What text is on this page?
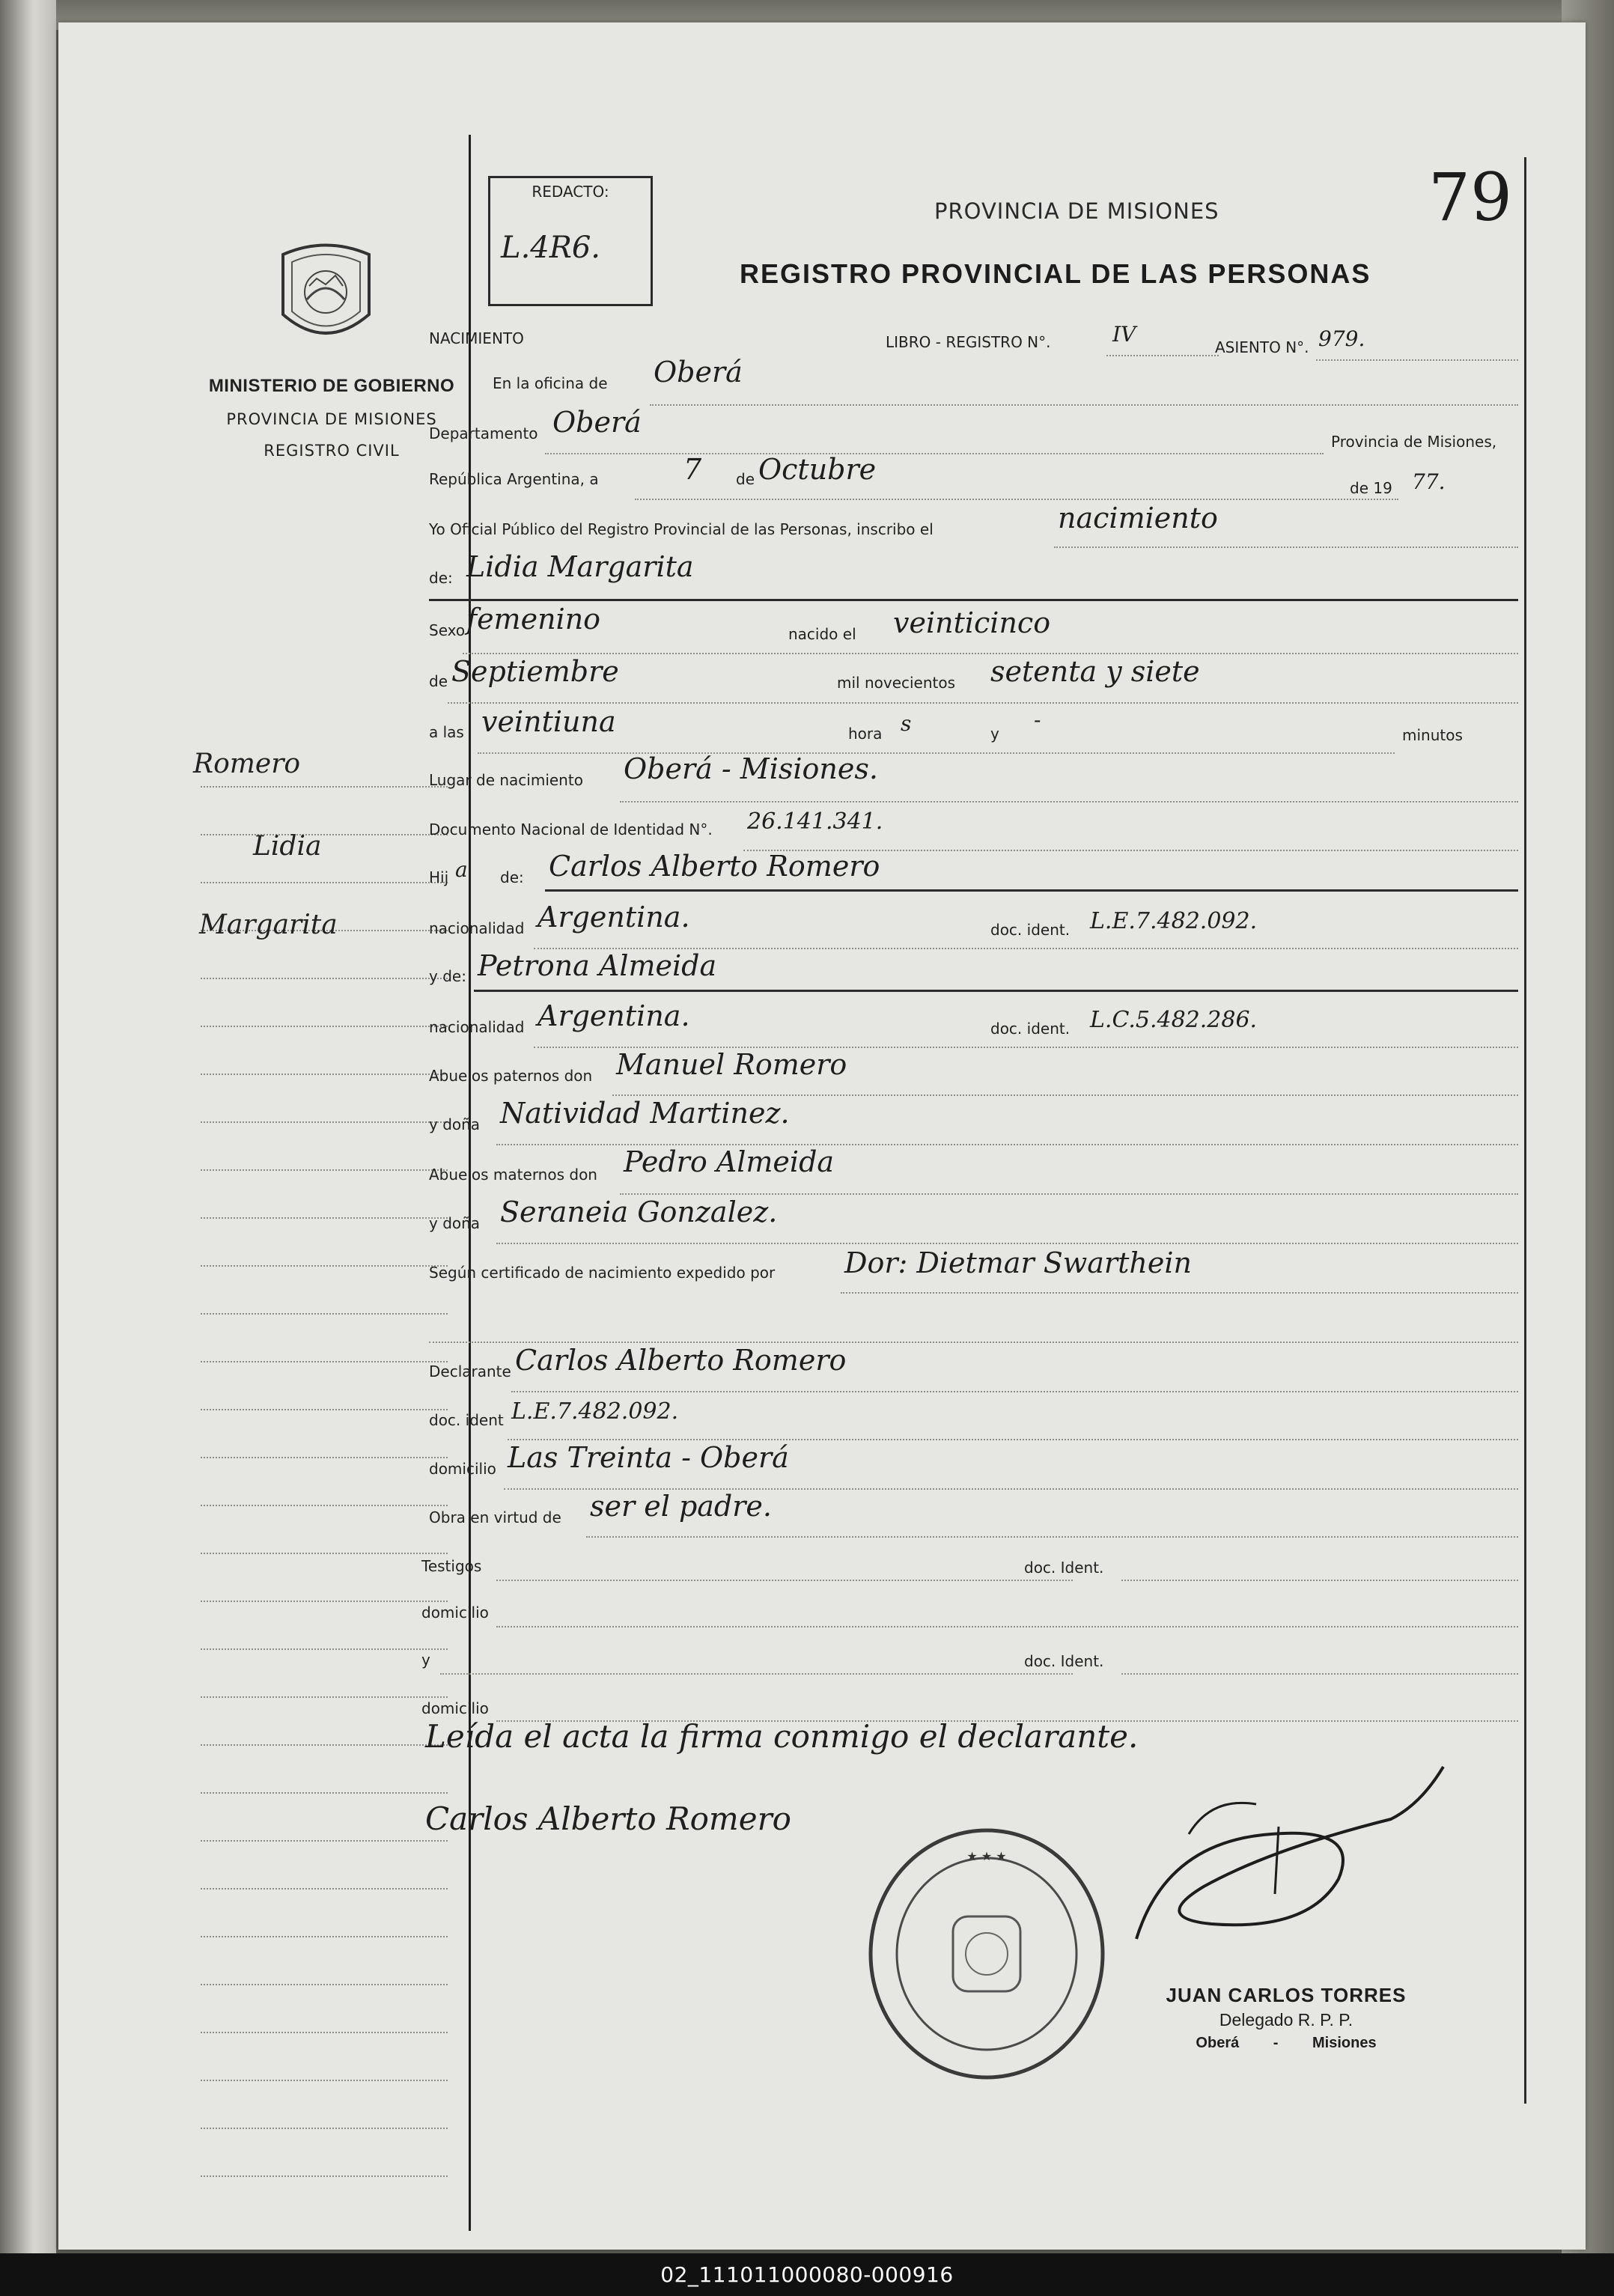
MINISTERIO DE GOBIERNO
PROVINCIA DE MISIONES
REGISTRO CIVIL
Romero
Lidia
Margarita
REDACTO:
L.4R6.
79
PROVINCIA DE MISIONES
REGISTRO PROVINCIAL DE LAS PERSONAS
NACIMIENTO	LIBRO - REGISTRO N°.	IV
ASIENTO N°. 979.
En la oficina de Oberá
Departamento Oberá
Provincia de Misiones,
República Argentina, a	7 de Octubre
de 19 77.
Yo Oficial Público del Registro Provincial de las Personas, inscribo el	nacimiento
de: Lidia Margarita
Sexo femenino	nacido el veinticinco
de Septiembre	mil novecientos setenta y siete
a las veintiuna	hora s	y
-
minutos
Lugar de nacimiento Oberá - Misiones.
Documento Nacional de Identidad N°. 26.141.341.
Hij a de: Carlos Alberto Romero
nacionalidad Argentina.	doc. ident. L.E.7.482.092.
y de: Petrona Almeida
nacionalidad Argentina.	doc. ident. L.C.5.482.286.
Abuelos paternos don Manuel Romero
y doña Natividad Martinez.
Abuelos maternos don Pedro Almeida
y doña Seraneia Gonzalez.
Según certificado de nacimiento expedido por Dor: Dietmar Swarthein
Declarante Carlos Alberto Romero
doc. ident L.E.7.482.092.
domicilio Las Treinta - Oberá
Obra en virtud de ser el padre.
Testigos	doc. Ident.
domicilio
y	doc. Ident.
domicilio
Leída el acta la firma conmigo el declarante.
Carlos Alberto Romero
★ ★ ★
JUAN CARLOS TORRES
Delegado R. P. P.
Oberá - Misiones
02_111011000080-000916
